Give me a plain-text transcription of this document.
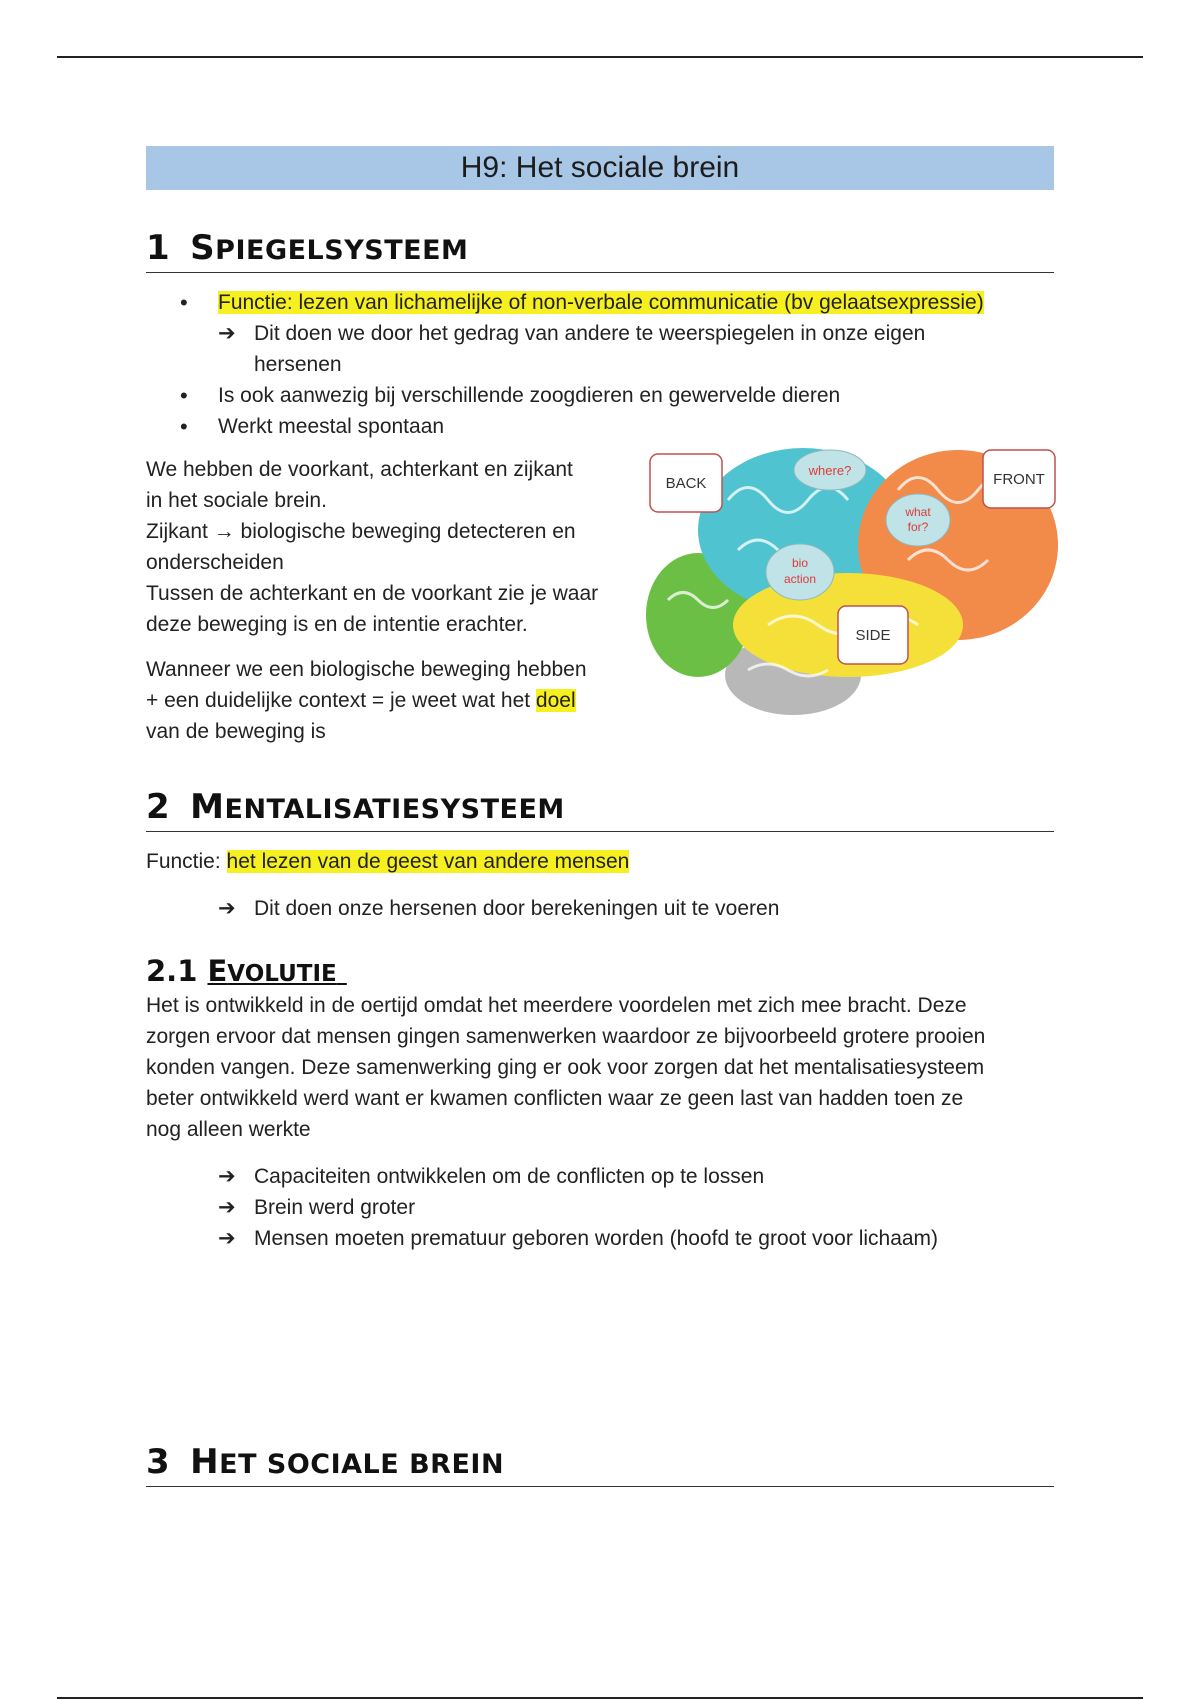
H9: Het sociale brein
1 SPIEGELSYSTEEM
• Functie: lezen van lichamelijke of non-verbale communicatie (bv gelaatsexpressie)
➔ Dit doen we door het gedrag van andere te weerspiegelen in onze eigen hersenen
• Is ook aanwezig bij verschillende zoogdieren en gewervelde dieren
• Werkt meestal spontaan
We hebben de voorkant, achterkant en zijkant
in het sociale brein.
Zijkant → biologische beweging detecteren en
onderscheiden
Tussen de achterkant en de voorkant zie je waar
deze beweging is en de intentie erachter.
Wanneer we een biologische beweging hebben
+ een duidelijke context = je weet wat het doel
van de beweging is
where?
what
for?
bio
action
BACK	FRONT
SIDE
2 MENTALISATIESYSTEEM
Functie: het lezen van de geest van andere mensen
➔ Dit doen onze hersenen door berekeningen uit te voeren
2.1 EVOLUTIE
Het is ontwikkeld in de oertijd omdat het meerdere voordelen met zich mee bracht. Deze
zorgen ervoor dat mensen gingen samenwerken waardoor ze bijvoorbeeld grotere prooien
konden vangen. Deze samenwerking ging er ook voor zorgen dat het mentalisatiesysteem
beter ontwikkeld werd want er kwamen conflicten waar ze geen last van hadden toen ze
nog alleen werkte
➔ Capaciteiten ontwikkelen om de conflicten op te lossen
➔ Brein werd groter
➔ Mensen moeten prematuur geboren worden (hoofd te groot voor lichaam)
3 HET SOCIALE BREIN
